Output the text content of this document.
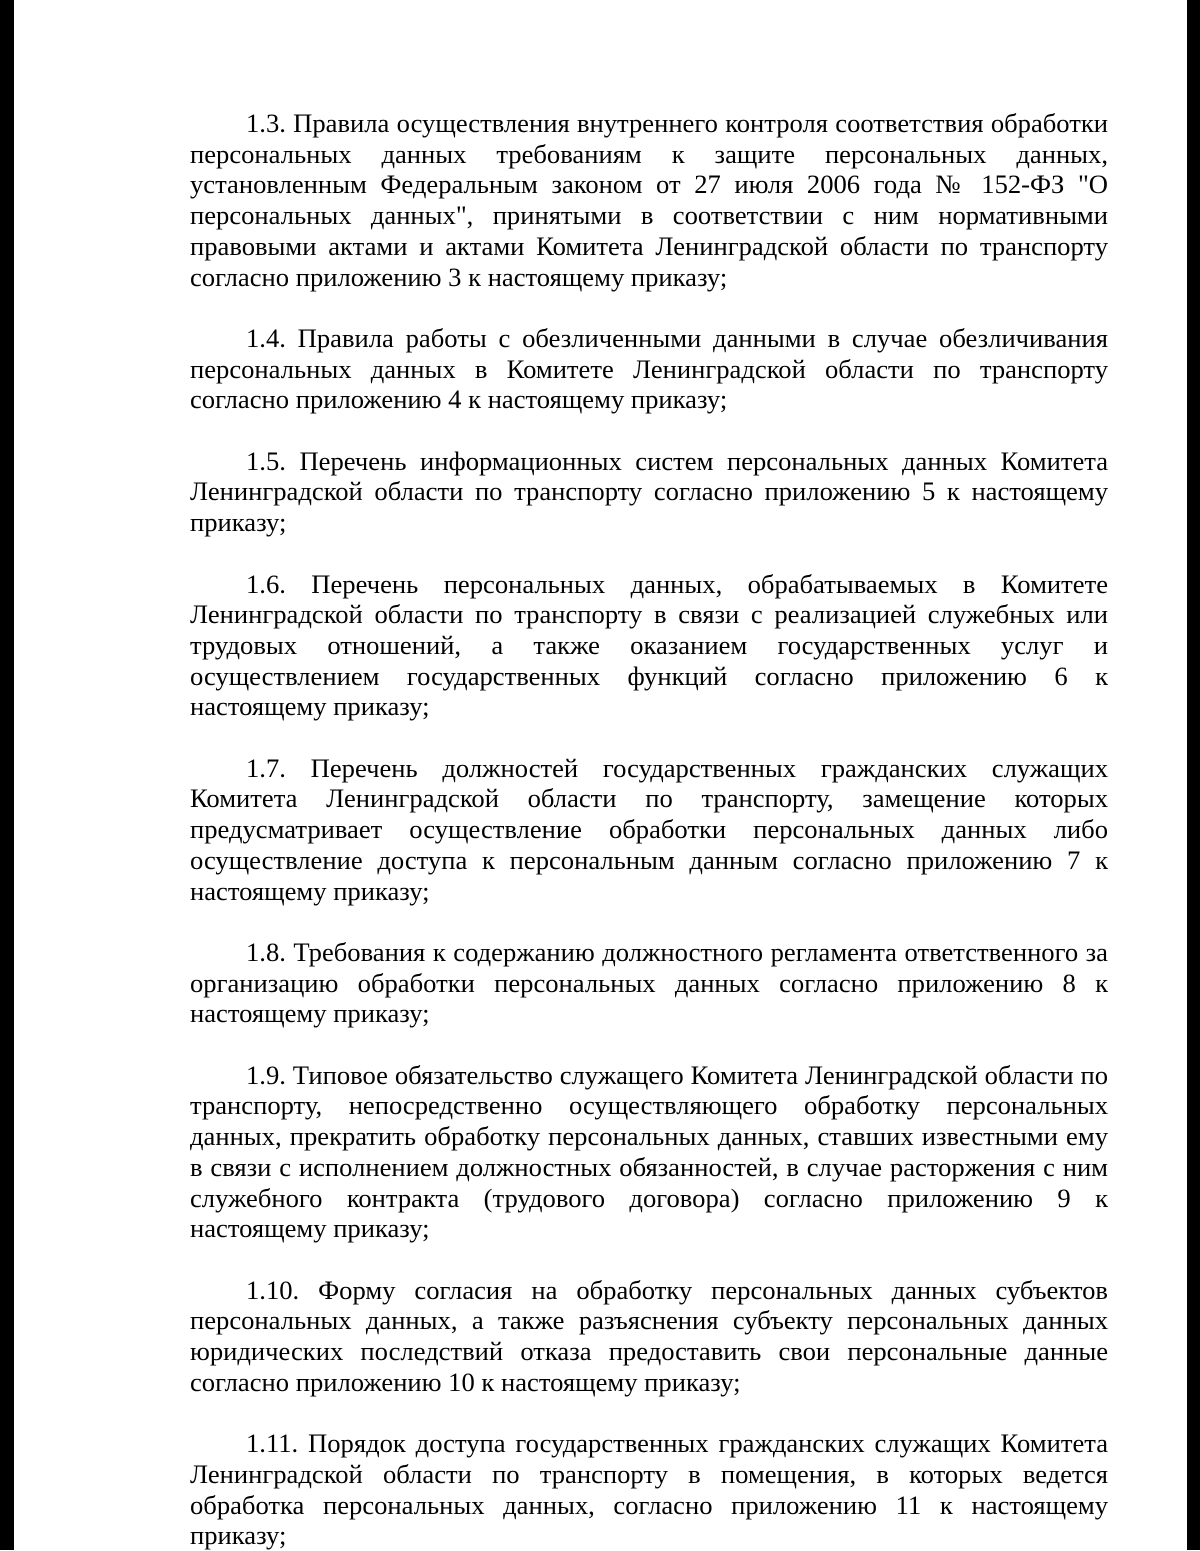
1.3. Правила осуществления внутреннего контроля соответствия обработки персональных данных требованиям к защите персональных данных, установленным Федеральным законом от 27 июля 2006 года № 152-ФЗ "О персональных данных", принятыми в соответствии с ним нормативными правовыми актами и актами Комитета Ленинградской области по транспорту согласно приложению 3 к настоящему приказу;

1.4. Правила работы с обезличенными данными в случае обезличивания персональных данных в Комитете Ленинградской области по транспорту согласно приложению 4 к настоящему приказу;

1.5. Перечень информационных систем персональных данных Комитета Ленинградской области по транспорту согласно приложению 5 к настоящему приказу;

1.6. Перечень персональных данных, обрабатываемых в Комитете Ленинградской области по транспорту в связи с реализацией служебных или трудовых отношений, а также оказанием государственных услуг и осуществлением государственных функций согласно приложению 6 к настоящему приказу;

1.7. Перечень должностей государственных гражданских служащих Комитета Ленинградской области по транспорту, замещение которых предусматривает осуществление обработки персональных данных либо осуществление доступа к персональным данным согласно приложению 7 к настоящему приказу;

1.8. Требования к содержанию должностного регламента ответственного за организацию обработки персональных данных согласно приложению 8 к настоящему приказу;

1.9. Типовое обязательство служащего Комитета Ленинградской области по транспорту, непосредственно осуществляющего обработку персональных данных, прекратить обработку персональных данных, ставших известными ему в связи с исполнением должностных обязанностей, в случае расторжения с ним служебного контракта (трудового договора) согласно приложению 9 к настоящему приказу;

1.10. Форму согласия на обработку персональных данных субъектов персональных данных, а также разъяснения субъекту персональных данных юридических последствий отказа предоставить свои персональные данные согласно приложению 10 к настоящему приказу;

1.11. Порядок доступа государственных гражданских служащих Комитета Ленинградской области по транспорту в помещения, в которых ведется обработка персональных данных, согласно приложению 11 к настоящему приказу;
